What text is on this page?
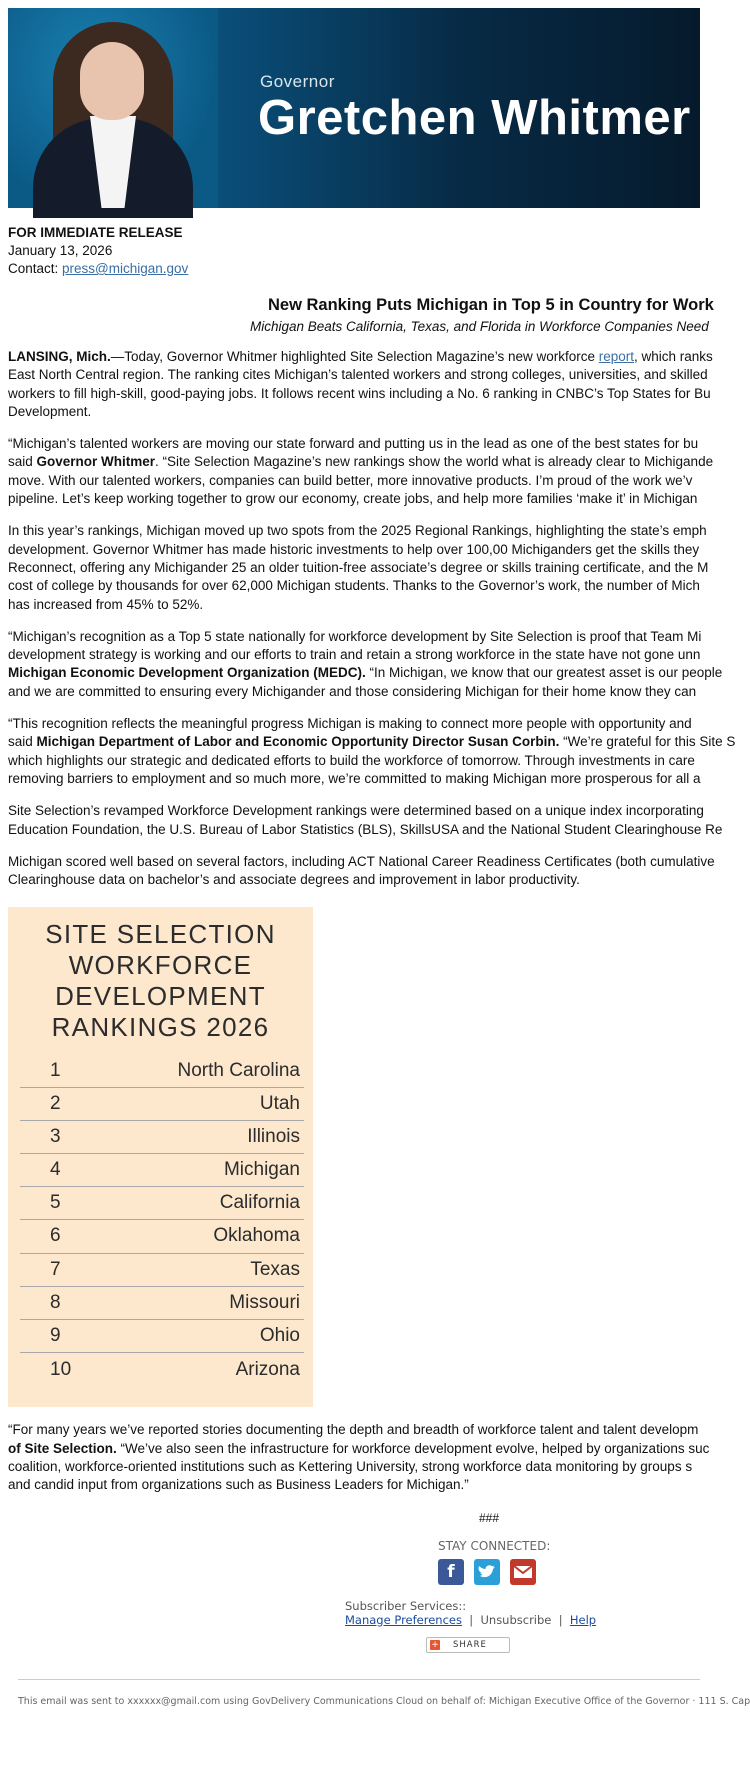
Governor
Gretchen Whitmer
FOR IMMEDIATE RELEASE
January 13, 2026
Contact: press@michigan.gov
New Ranking Puts Michigan in Top 5 in Country for Work
Michigan Beats California, Texas, and Florida in Workforce Companies Need
LANSING, Mich.—Today, Governor Whitmer highlighted Site Selection Magazine’s new workforce report, which ranks
East North Central region. The ranking cites Michigan’s talented workers and strong colleges, universities, and skilled
workers to fill high-skill, good-paying jobs. It follows recent wins including a No. 6 ranking in CNBC’s Top States for Bu
Development.
“Michigan’s talented workers are moving our state forward and putting us in the lead as one of the best states for bu
said Governor Whitmer. “Site Selection Magazine’s new rankings show the world what is already clear to Michigande
move. With our talented workers, companies can build better, more innovative products. I’m proud of the work we’v
pipeline. Let’s keep working together to grow our economy, create jobs, and help more families ‘make it’ in Michigan
In this year’s rankings, Michigan moved up two spots from the 2025 Regional Rankings, highlighting the state’s emph
development. Governor Whitmer has made historic investments to help over 100,00 Michiganders get the skills they
Reconnect, offering any Michigander 25 an older tuition-free associate’s degree or skills training certificate, and the M
cost of college by thousands for over 62,000 Michigan students. Thanks to the Governor’s work, the number of Mich
has increased from 45% to 52%.
“Michigan’s recognition as a Top 5 state nationally for workforce development by Site Selection is proof that Team Mi
development strategy is working and our efforts to train and retain a strong workforce in the state have not gone unn
Michigan Economic Development Organization (MEDC). “In Michigan, we know that our greatest asset is our people
and we are committed to ensuring every Michigander and those considering Michigan for their home know they can
“This recognition reflects the meaningful progress Michigan is making to connect more people with opportunity and
said Michigan Department of Labor and Economic Opportunity Director Susan Corbin. “We’re grateful for this Site S
which highlights our strategic and dedicated efforts to build the workforce of tomorrow. Through investments in care
removing barriers to employment and so much more, we’re committed to making Michigan more prosperous for all a
Site Selection’s revamped Workforce Development rankings were determined based on a unique index incorporating
Education Foundation, the U.S. Bureau of Labor Statistics (BLS), SkillsUSA and the National Student Clearinghouse Re
Michigan scored well based on several factors, including ACT National Career Readiness Certificates (both cumulative
Clearinghouse data on bachelor’s and associate degrees and improvement in labor productivity.
SITE SELECTION
WORKFORCE
DEVELOPMENT
RANKINGS 2026
1	North Carolina
2	Utah
3	Illinois
4	Michigan
5	California
6	Oklahoma
7	Texas
8	Missouri
9	Ohio
10	Arizona
“For many years we’ve reported stories documenting the depth and breadth of workforce talent and talent developm
of Site Selection. “We’ve also seen the infrastructure for workforce development evolve, helped by organizations suc
coalition, workforce-oriented institutions such as Kettering University, strong workforce data monitoring by groups s
and candid input from organizations such as Business Leaders for Michigan.”
###
STAY CONNECTED:
f
Subscriber Services::
Manage Preferences  |  Unsubscribe  |  Help
+ SHARE
This email was sent to xxxxxx@gmail.com using GovDelivery Communications Cloud on behalf of: Michigan Executive Office of the Governor · 111 S. Cap
